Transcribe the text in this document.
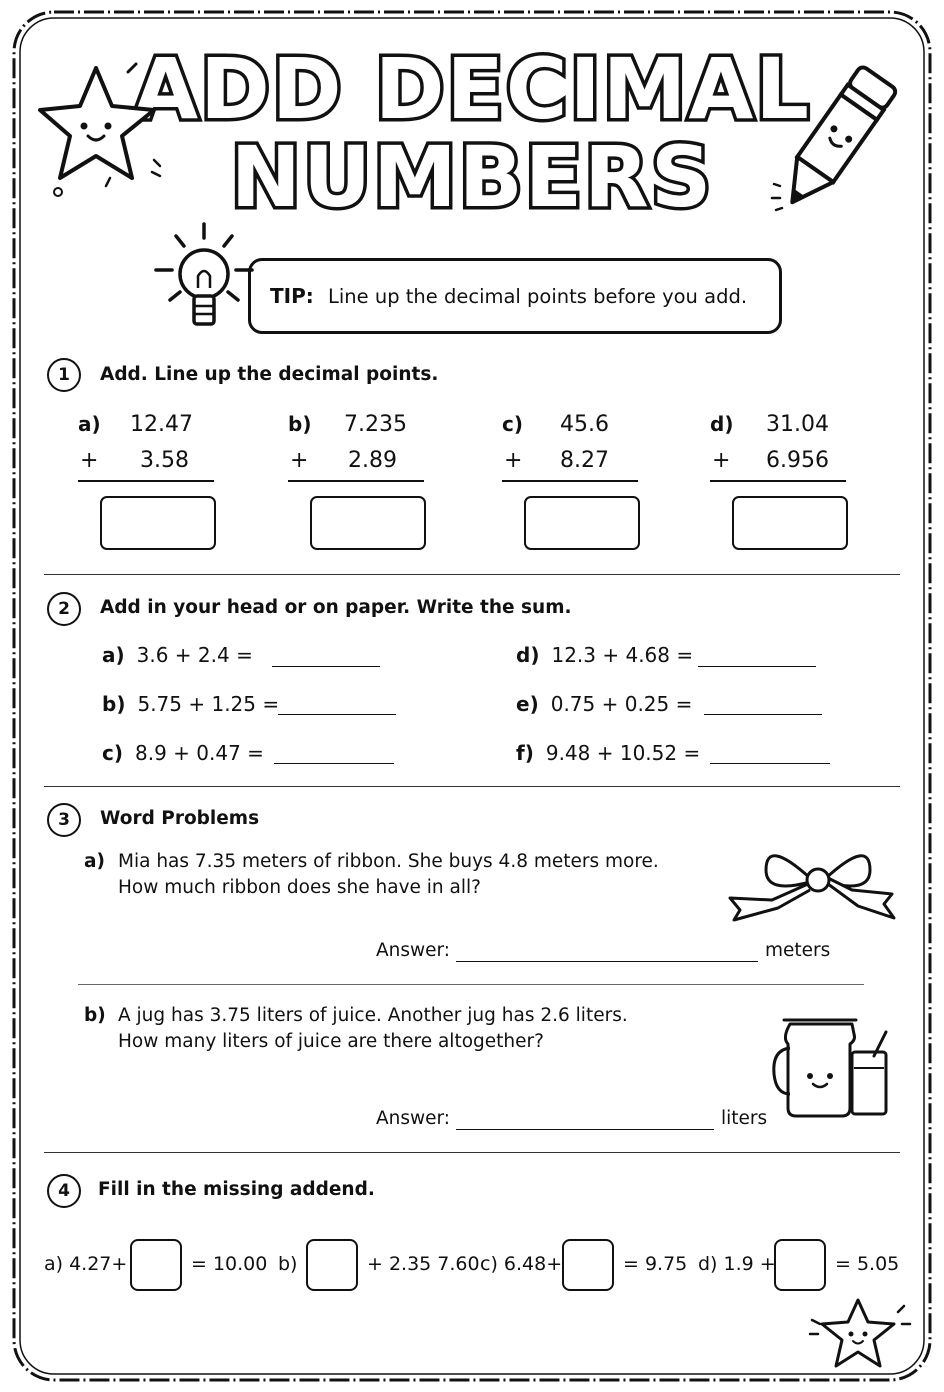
ADD DECIMAL
NUMBERS
TIP: Line up the decimal points before you add.
1	Add. Line up the decimal points.
a) 12.47
+ 3.58
b) 7.235
+ 2.89
c) 45.6
+ 8.27
d) 31.04
+ 6.956
2	Add in your head or on paper. Write the sum.
a) 3.6 + 2.4 =
b) 5.75 + 1.25 =
c) 8.9 + 0.47 =
d) 12.3 + 4.68 =
e) 0.75 + 0.25 =
f) 9.48 + 10.52 =
3	Word Problems
a) Mia has 7.35 meters of ribbon. She buys 4.8 meters more.
How much ribbon does she have in all?
Answer:	meters
b) A jug has 3.75 liters of juice. Another jug has 2.6 liters.
How many liters of juice are there altogether?
Answer:	liters
4	Fill in the missing addend.
a) 4.27+	= 10.00 b)	+ 2.35 7.60 c) 6.48+	= 9.75 d) 1.9 +	= 5.05
